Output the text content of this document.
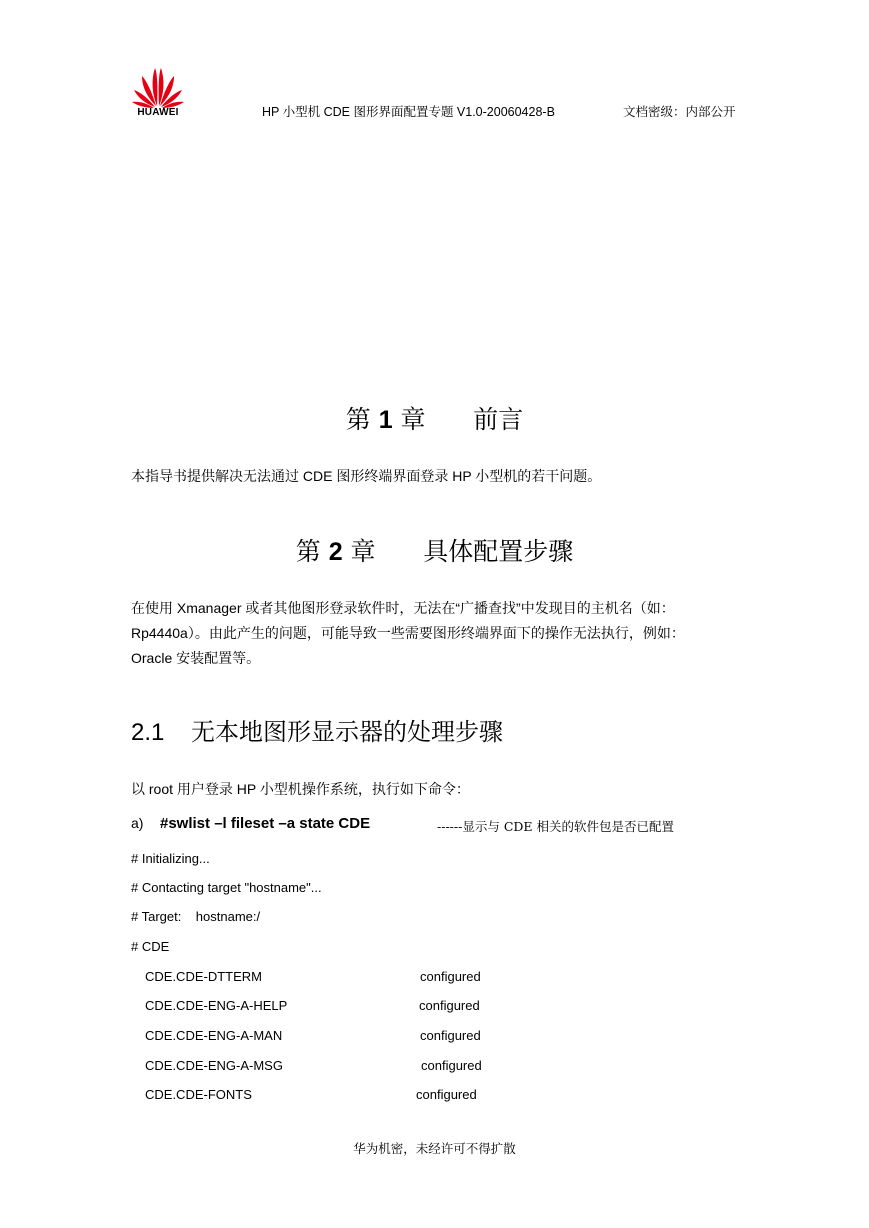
HUAWEI	HP 小型机 CDE 图形界面配置专题 V1.0-20060428-B	文档密级：内部公开
第 1 章      前言
本指导书提供解决无法通过 CDE 图形终端界面登录 HP 小型机的若干问题。
第 2 章      具体配置步骤
在使用 Xmanager 或者其他图形登录软件时，无法在“广播查找”中发现目的主机名（如：
Rp4440a）。由此产生的问题，可能导致一些需要图形终端界面下的操作无法执行，例如：
Oracle 安装配置等。
2.1 无本地图形显示器的处理步骤
以 root 用户登录 HP 小型机操作系统，执行如下命令：
a) #swlist –l fileset –a state CDE	------显示与 CDE 相关的软件包是否已配置
# Initializing...
# Contacting target "hostname"...
# Target:    hostname:/
# CDE
CDE.CDE-DTTERM	configured
CDE.CDE-ENG-A-HELP	configured
CDE.CDE-ENG-A-MAN	configured
CDE.CDE-ENG-A-MSG	configured
CDE.CDE-FONTS	configured
华为机密，未经许可不得扩散
